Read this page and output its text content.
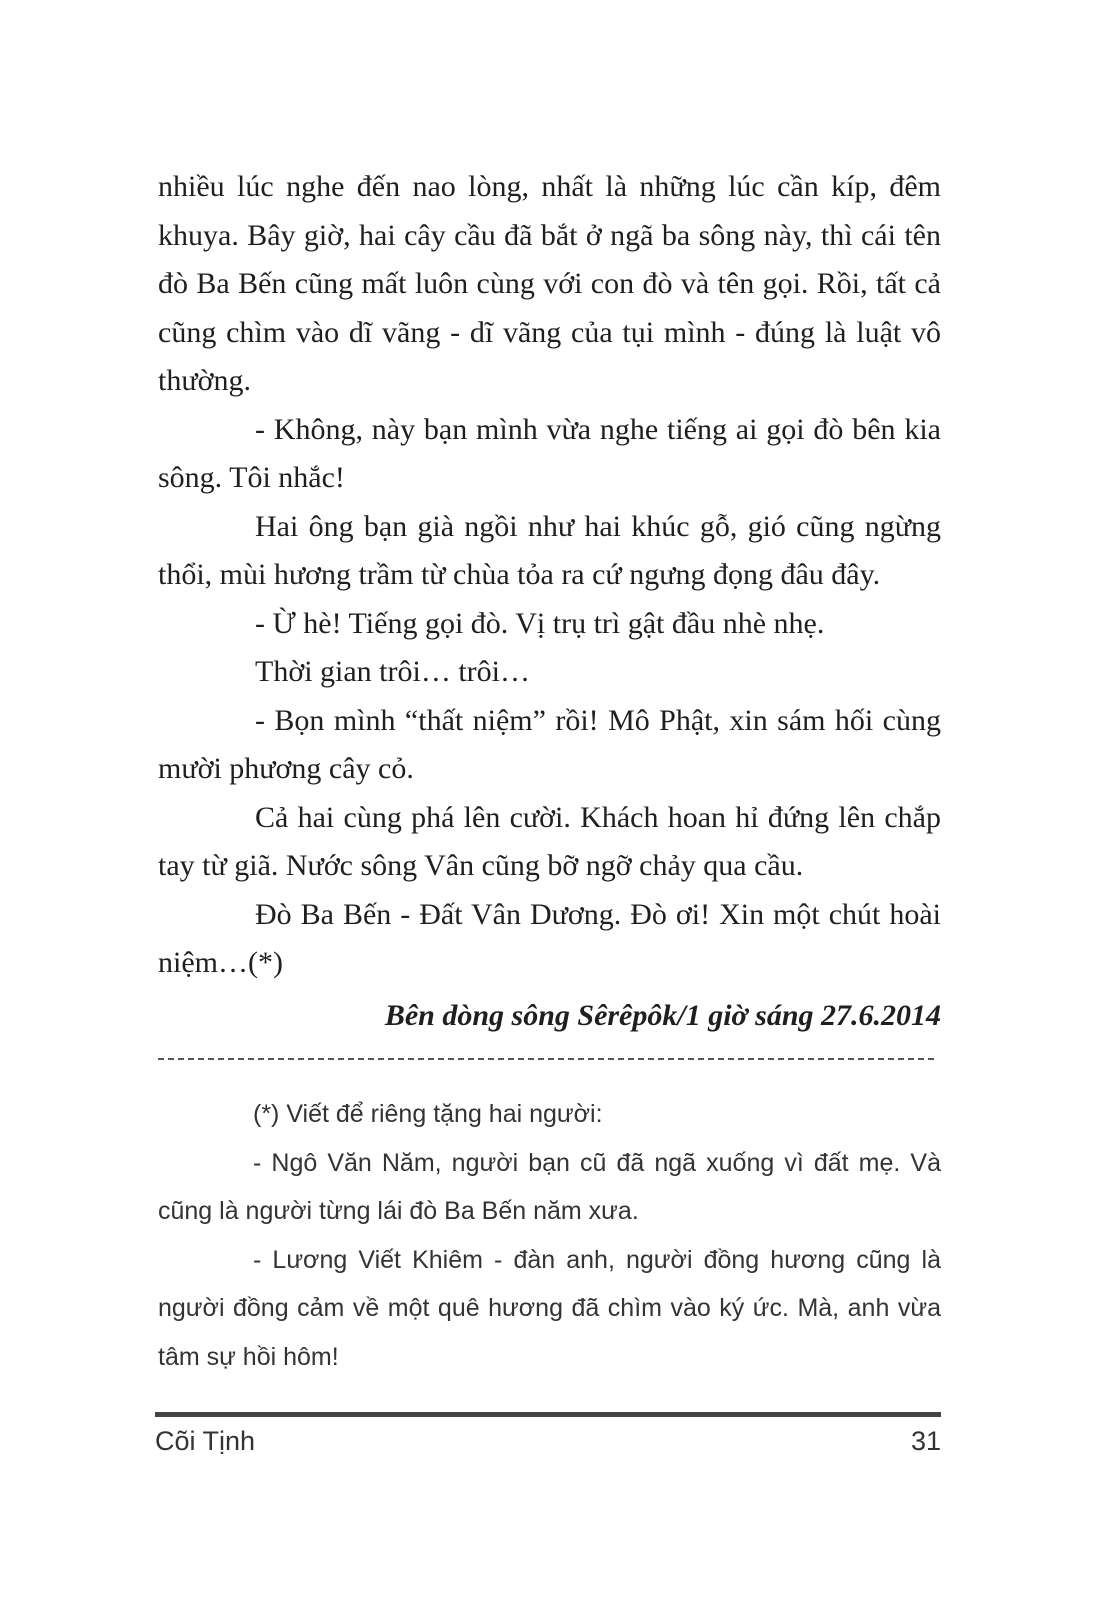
nhiều lúc nghe đến nao lòng, nhất là những lúc cần kíp, đêm khuya. Bây giờ, hai cây cầu đã bắt ở ngã ba sông này, thì cái tên đò Ba Bến cũng mất luôn cùng với con đò và tên gọi. Rồi, tất cả cũng chìm vào dĩ vãng - dĩ vãng của tụi mình - đúng là luật vô thường.

- Không, này bạn mình vừa nghe tiếng ai gọi đò bên kia sông. Tôi nhắc!

Hai ông bạn già ngồi như hai khúc gỗ, gió cũng ngừng thổi, mùi hương trầm từ chùa tỏa ra cứ ngưng đọng đâu đây.

- Ừ hè! Tiếng gọi đò. Vị trụ trì gật đầu nhè nhẹ.

Thời gian trôi… trôi…

- Bọn mình “thất niệm” rồi! Mô Phật, xin sám hối cùng mười phương cây cỏ.

Cả hai cùng phá lên cười. Khách hoan hỉ đứng lên chắp tay từ giã. Nước sông Vân cũng bỡ ngỡ chảy qua cầu.

Đò Ba Bến - Đất Vân Dương. Đò ơi! Xin một chút hoài niệm…(*)

Bên dòng sông Sêrêpôk/1 giờ sáng 27.6.2014

(*) Viết để riêng tặng hai người:

- Ngô Văn Năm, người bạn cũ đã ngã xuống vì đất mẹ. Và cũng là người từng lái đò Ba Bến năm xưa.

- Lương Viết Khiêm - đàn anh, người đồng hương cũng là người đồng cảm về một quê hương đã chìm vào ký ức. Mà, anh vừa tâm sự hồi hôm!

Cõi Tịnh	31
